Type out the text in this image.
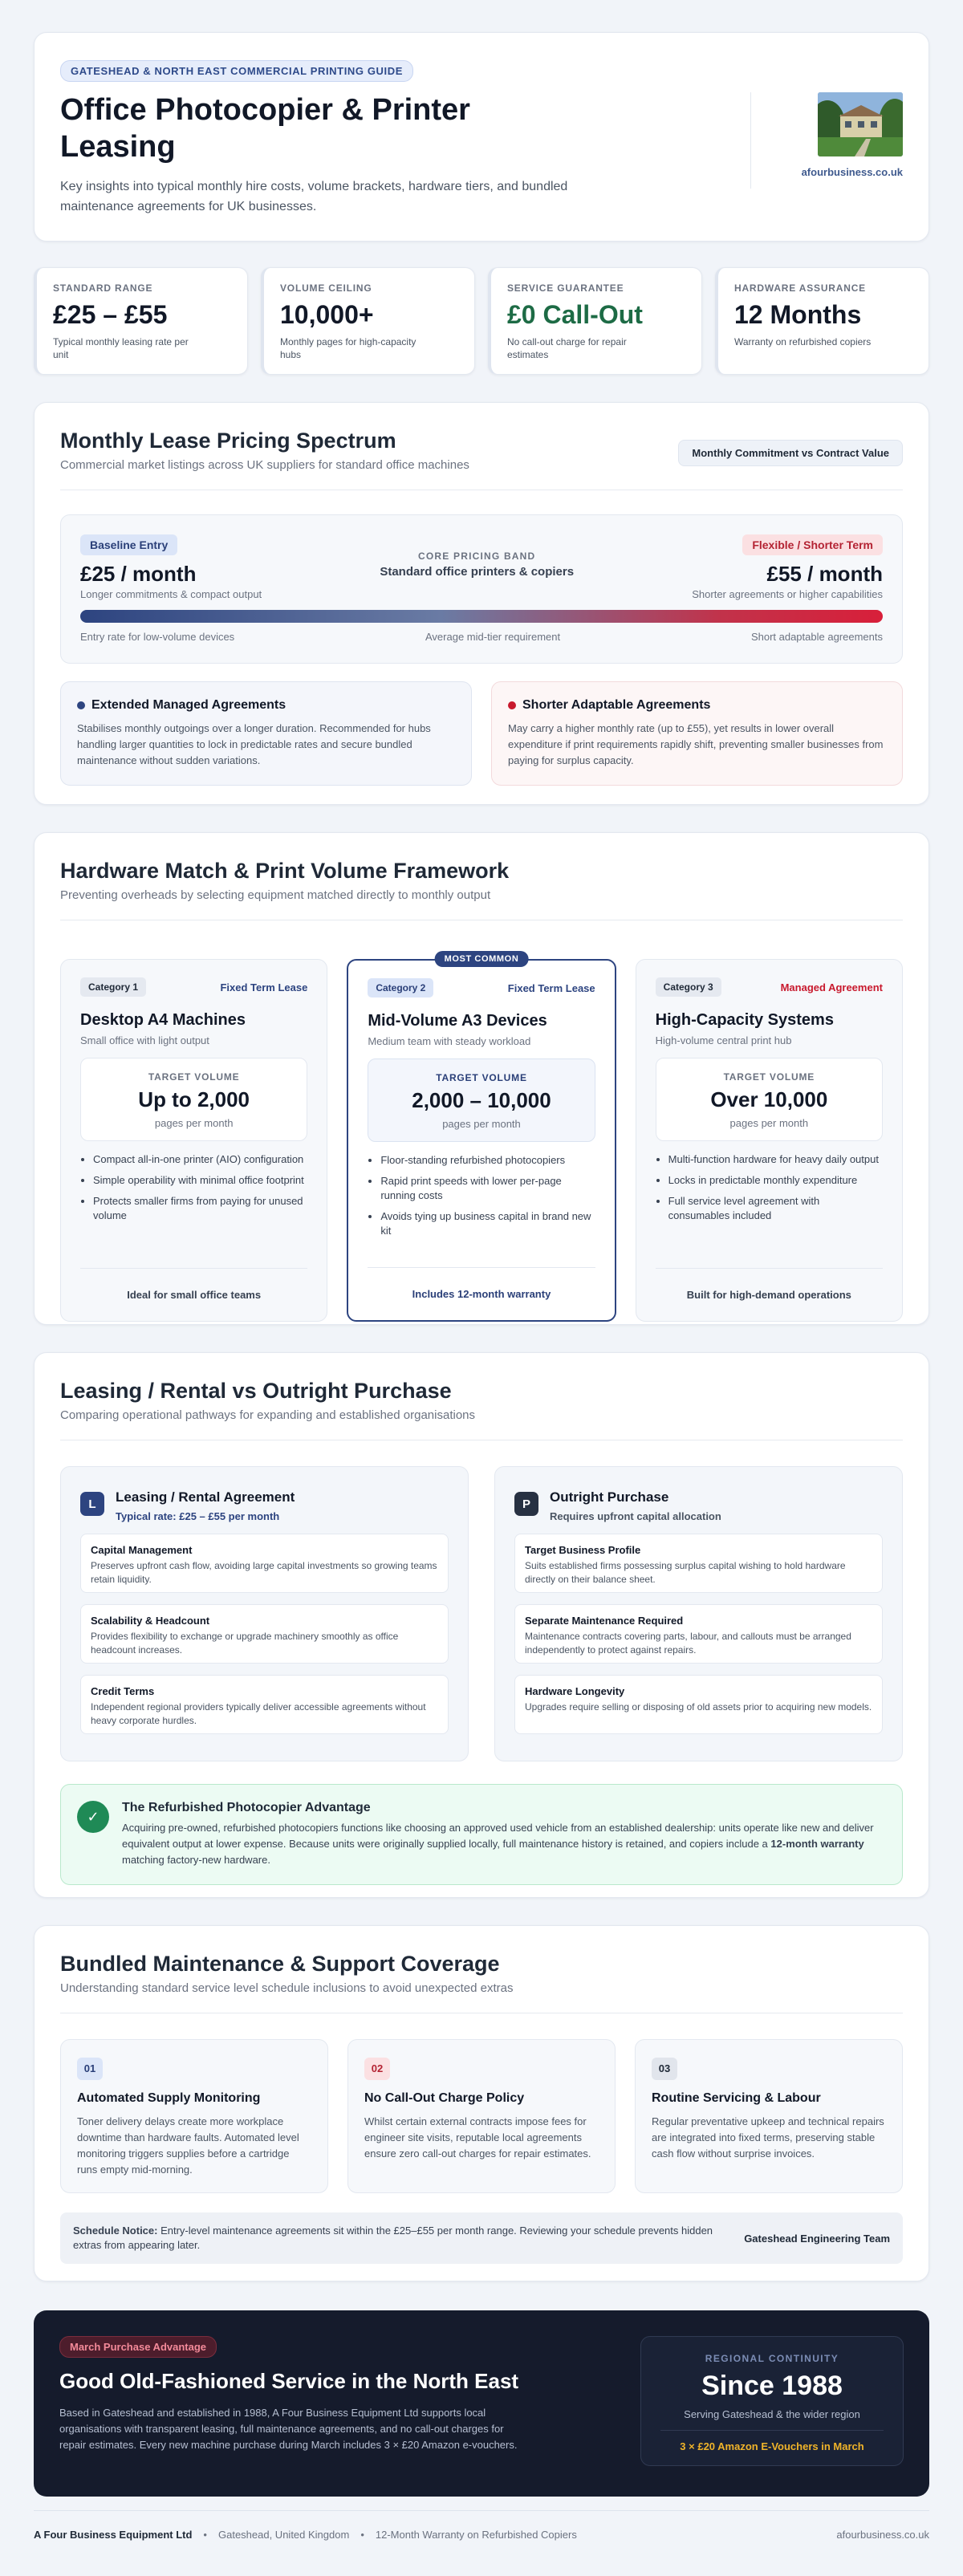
GATESHEAD & NORTH EAST COMMERCIAL PRINTING GUIDE
Office Photocopier & Printer Leasing

Key insights into typical monthly hire costs, volume brackets, hardware tiers, and bundled maintenance agreements for UK businesses.

afourbusiness.co.uk
STANDARD RANGE
£25 – £55
Typical monthly leasing rate per unit
VOLUME CEILING
10,000+
Monthly pages for high-capacity hubs
SERVICE GUARANTEE
£0 Call-Out
No call-out charge for repair estimates
HARDWARE ASSURANCE
12 Months
Warranty on refurbished copiers
Monthly Lease Pricing Spectrum

Commercial market listings across UK suppliers for standard office machines

Monthly Commitment vs Contract Value
Baseline Entry
£25 / month
Longer commitments & compact output
CORE PRICING BAND
Standard office printers & copiers
Flexible / Shorter Term
£55 / month
Shorter agreements or higher capabilities
Entry rate for low-volume devices	Average mid-tier requirement	Short adaptable agreements
Extended Managed Agreements

Stabilises monthly outgoings over a longer duration. Recommended for hubs handling larger quantities to lock in predictable rates and secure bundled maintenance without sudden variations.

Shorter Adaptable Agreements

May carry a higher monthly rate (up to £55), yet results in lower overall expenditure if print requirements rapidly shift, preventing smaller businesses from paying for surplus capacity.

Hardware Match & Print Volume Framework

Preventing overheads by selecting equipment matched directly to monthly output

Category 1	Fixed Term Lease
Desktop A4 Machines
Small office with light output
TARGET VOLUME
Up to 2,000
pages per month
• Compact all-in-one printer (AIO) configuration
• Simple operability with minimal office footprint
• Protects smaller firms from paying for unused volume
Ideal for small office teams
MOST COMMON
Category 2	Fixed Term Lease
Mid-Volume A3 Devices
Medium team with steady workload
TARGET VOLUME
2,000 – 10,000
pages per month
• Floor-standing refurbished photocopiers
• Rapid print speeds with lower per-page running costs
• Avoids tying up business capital in brand new kit
Includes 12-month warranty
Category 3	Managed Agreement
High-Capacity Systems
High-volume central print hub
TARGET VOLUME
Over 10,000
pages per month
• Multi-function hardware for heavy daily output
• Locks in predictable monthly expenditure
• Full service level agreement with consumables included
Built for high-demand operations
Leasing / Rental vs Outright Purchase

Comparing operational pathways for expanding and established organisations

L	Leasing / Rental Agreement
Typical rate: £25 – £55 per month
Capital Management
Preserves upfront cash flow, avoiding large capital investments so growing teams retain liquidity.
Scalability & Headcount
Provides flexibility to exchange or upgrade machinery smoothly as office headcount increases.
Credit Terms
Independent regional providers typically deliver accessible agreements without heavy corporate hurdles.
P	Outright Purchase
Requires upfront capital allocation
Target Business Profile
Suits established firms possessing surplus capital wishing to hold hardware directly on their balance sheet.
Separate Maintenance Required
Maintenance contracts covering parts, labour, and callouts must be arranged independently to protect against repairs.
Hardware Longevity
Upgrades require selling or disposing of old assets prior to acquiring new models.
✓
The Refurbished Photocopier Advantage

Acquiring pre-owned, refurbished photocopiers functions like choosing an approved used vehicle from an established dealership: units operate like new and deliver equivalent output at lower expense. Because units were originally supplied locally, full maintenance history is retained, and copiers include a 12-month warranty matching factory-new hardware.

Bundled Maintenance & Support Coverage

Understanding standard service level schedule inclusions to avoid unexpected extras

01
Automated Supply Monitoring

Toner delivery delays create more workplace downtime than hardware faults. Automated level monitoring triggers supplies before a cartridge runs empty mid-morning.

02
No Call-Out Charge Policy

Whilst certain external contracts impose fees for engineer site visits, reputable local agreements ensure zero call-out charges for repair estimates.

03
Routine Servicing & Labour

Regular preventative upkeep and technical repairs are integrated into fixed terms, preserving stable cash flow without surprise invoices.

Schedule Notice: Entry-level maintenance agreements sit within the £25–£55 per month range. Reviewing your schedule prevents hidden extras from appearing later.

Gateshead Engineering Team
March Purchase Advantage
Good Old-Fashioned Service in the North East

Based in Gateshead and established in 1988, A Four Business Equipment Ltd supports local organisations with transparent leasing, full maintenance agreements, and no call-out charges for repair estimates. Every new machine purchase during March includes 3 × £20 Amazon e-vouchers.

REGIONAL CONTINUITY
Since 1988
Serving Gateshead & the wider region
3 × £20 Amazon E-Vouchers in March
A Four Business Equipment Ltd • Gateshead, United Kingdom • 12-Month Warranty on Refurbished Copiers	afourbusiness.co.uk
